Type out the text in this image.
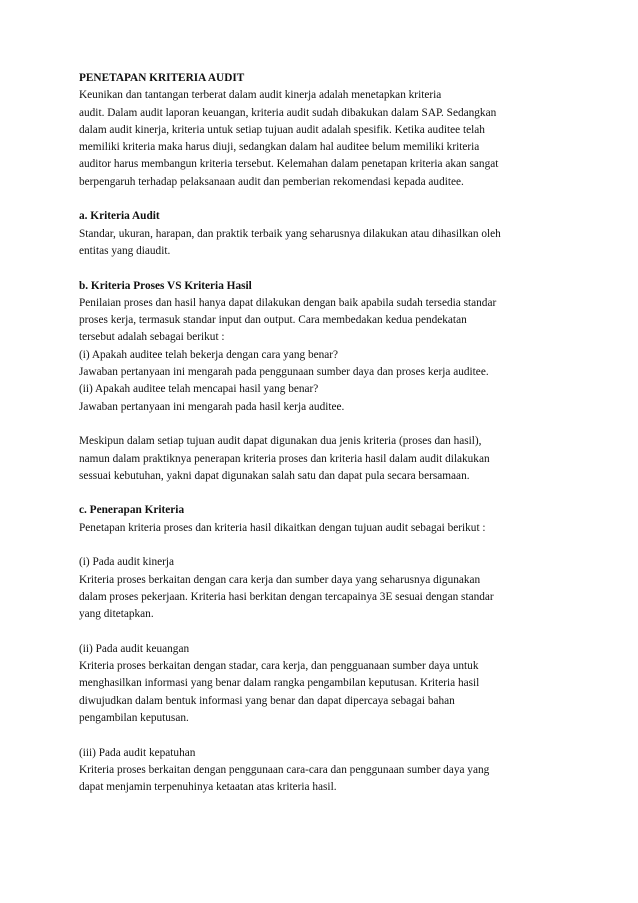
PENETAPAN KRITERIA AUDIT
Keunikan dan tantangan terberat dalam audit kinerja adalah menetapkan kriteria
audit. Dalam audit laporan keuangan, kriteria audit sudah dibakukan dalam SAP. Sedangkan
dalam audit kinerja, kriteria untuk setiap tujuan audit adalah spesifik. Ketika auditee telah
memiliki kriteria maka harus diuji, sedangkan dalam hal auditee belum memiliki kriteria
auditor harus membangun kriteria tersebut. Kelemahan dalam penetapan kriteria akan sangat
berpengaruh terhadap pelaksanaan audit dan pemberian rekomendasi kepada auditee.
a. Kriteria Audit
Standar, ukuran, harapan, dan praktik terbaik yang seharusnya dilakukan atau dihasilkan oleh
entitas yang diaudit.
b. Kriteria Proses VS Kriteria Hasil
Penilaian proses dan hasil hanya dapat dilakukan dengan baik apabila sudah tersedia standar
proses kerja, termasuk standar input dan output. Cara membedakan kedua pendekatan
tersebut adalah sebagai berikut :
(i) Apakah auditee telah bekerja dengan cara yang benar?
Jawaban pertanyaan ini mengarah pada penggunaan sumber daya dan proses kerja auditee.
(ii) Apakah auditee telah mencapai hasil yang benar?
Jawaban pertanyaan ini mengarah pada hasil kerja auditee.
Meskipun dalam setiap tujuan audit dapat digunakan dua jenis kriteria (proses dan hasil),
namun dalam praktiknya penerapan kriteria proses dan kriteria hasil dalam audit dilakukan
sessuai kebutuhan, yakni dapat digunakan salah satu dan dapat pula secara bersamaan.
c. Penerapan Kriteria
Penetapan kriteria proses dan kriteria hasil dikaitkan dengan tujuan audit sebagai berikut :
(i) Pada audit kinerja
Kriteria proses berkaitan dengan cara kerja dan sumber daya yang seharusnya digunakan
dalam proses pekerjaan. Kriteria hasi berkitan dengan tercapainya 3E sesuai dengan standar
yang ditetapkan.
(ii) Pada audit keuangan
Kriteria proses berkaitan dengan stadar, cara kerja, dan pengguanaan sumber daya untuk
menghasilkan informasi yang benar dalam rangka pengambilan keputusan. Kriteria hasil
diwujudkan dalam bentuk informasi yang benar dan dapat dipercaya sebagai bahan
pengambilan keputusan.
(iii) Pada audit kepatuhan
Kriteria proses berkaitan dengan penggunaan cara-cara dan penggunaan sumber daya yang
dapat menjamin terpenuhinya ketaatan atas kriteria hasil.
